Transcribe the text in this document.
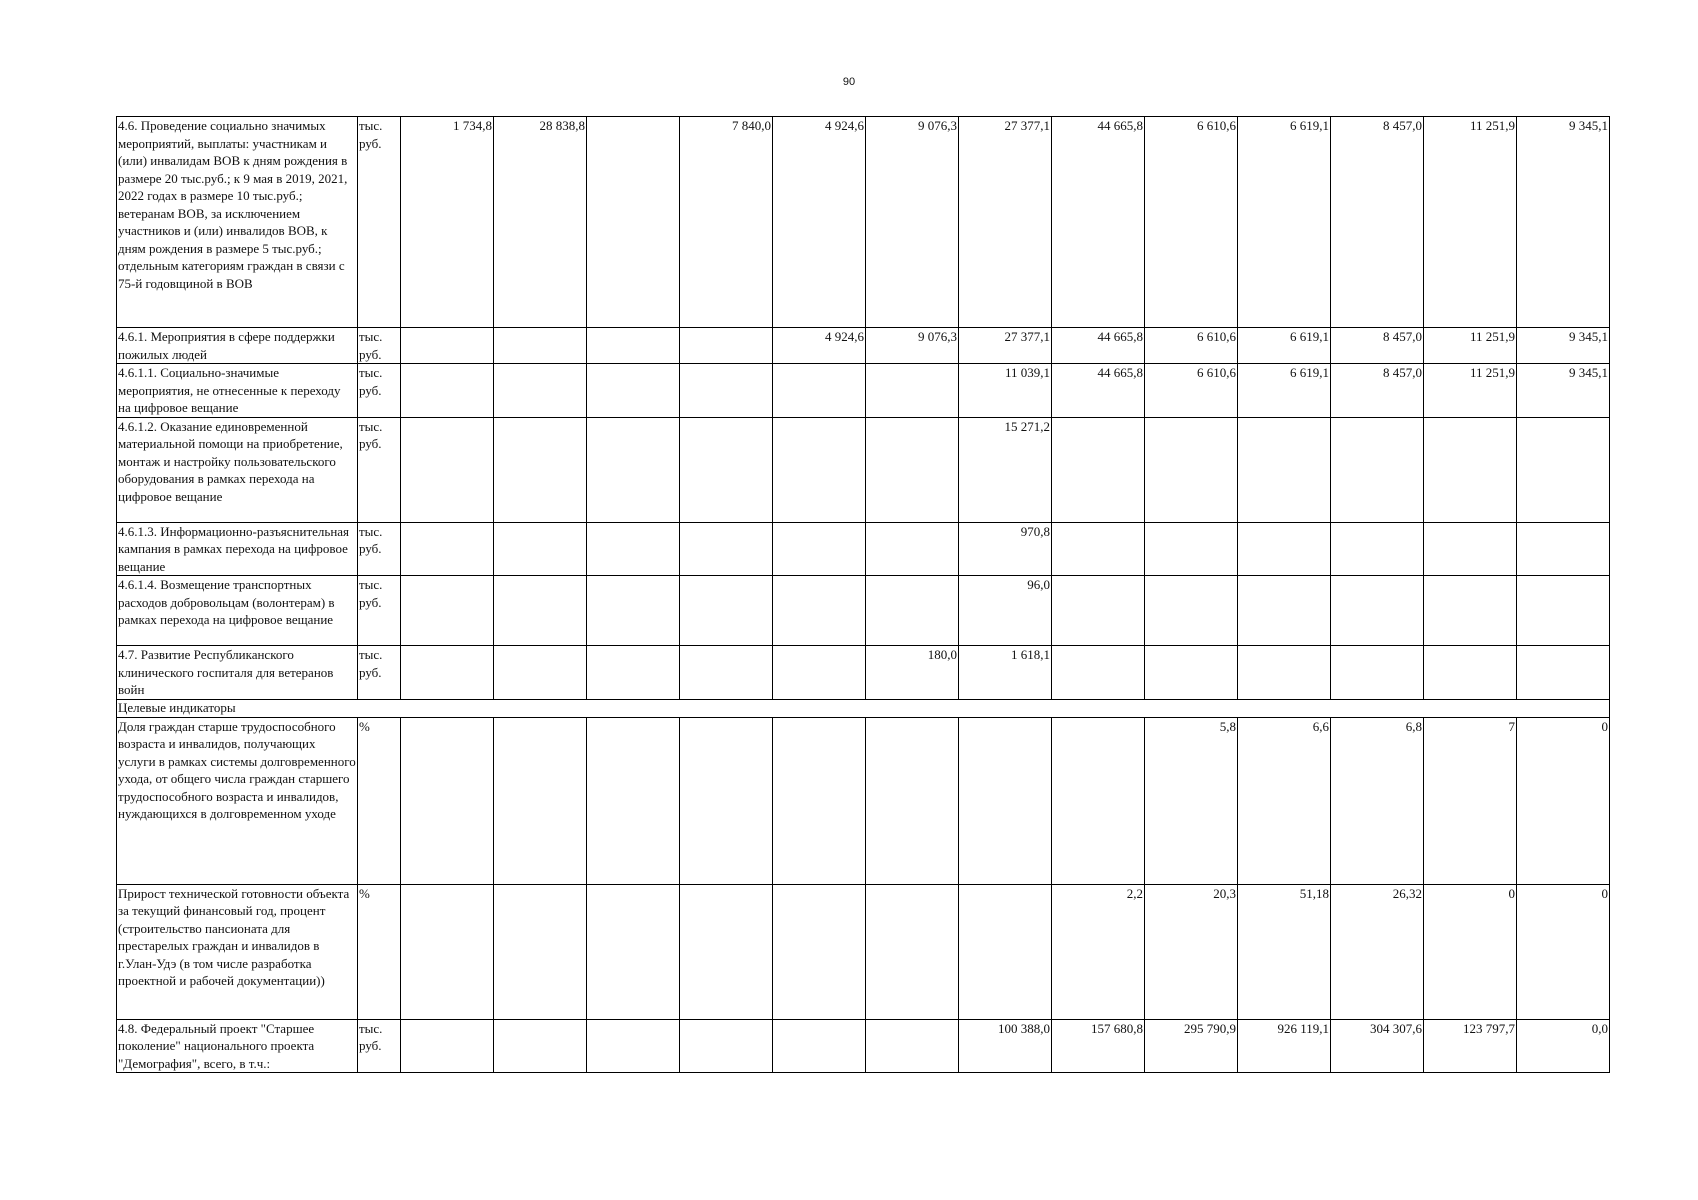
90
4.6. Проведение социально значимых мероприятий, выплаты: участникам и (или) инвалидам ВОВ к дням рождения в размере 20 тыс.руб.; к 9 мая в 2019, 2021, 2022 годах в размере 10 тыс.руб.; ветеранам ВОВ, за исключением участников и (или) инвалидов ВОВ, к дням рождения в размере 5 тыс.руб.; отдельным категориям граждан в связи с 75-й годовщиной в ВОВ	тыс. руб.	1 734,8	28 838,8		7 840,0	4 924,6	9 076,3	27 377,1	44 665,8	6 610,6	6 619,1	8 457,0	11 251,9	9 345,1
4.6.1. Мероприятия в сфере поддержки пожилых людей	тыс. руб.					4 924,6	9 076,3	27 377,1	44 665,8	6 610,6	6 619,1	8 457,0	11 251,9	9 345,1
4.6.1.1. Социально-значимые мероприятия, не отнесенные к переходу на цифровое вещание	тыс. руб.							11 039,1	44 665,8	6 610,6	6 619,1	8 457,0	11 251,9	9 345,1
4.6.1.2. Оказание единовременной материальной помощи на приобретение, монтаж и настройку пользовательского оборудования в рамках перехода на цифровое вещание	тыс. руб.							15 271,2						
4.6.1.3. Информационно-разъяснительная кампания в рамках перехода на цифровое вещание	тыс. руб.							970,8						
4.6.1.4. Возмещение транспортных расходов добровольцам (волонтерам) в рамках перехода на цифровое вещание	тыс. руб.							96,0						
4.7. Развитие Республиканского клинического госпиталя для ветеранов войн	тыс. руб.						180,0	1 618,1						
Целевые индикаторы														
Доля граждан старше трудоспособного возраста и инвалидов, получающих услуги в рамках системы долговременного ухода, от общего числа граждан старшего трудоспособного возраста и инвалидов, нуждающихся в долговременном уходе	%									5,8	6,6	6,8	7	0
Прирост технической готовности объекта за текущий финансовый год, процент (строительство пансионата для престарелых граждан и инвалидов в г.Улан-Удэ (в том числе разработка проектной и рабочей документации))	%								2,2	20,3	51,18	26,32	0	0
4.8. Федеральный проект "Старшее поколение" национального проекта "Демография", всего, в т.ч.:	тыс. руб.							100 388,0	157 680,8	295 790,9	926 119,1	304 307,6	123 797,7	0,0
